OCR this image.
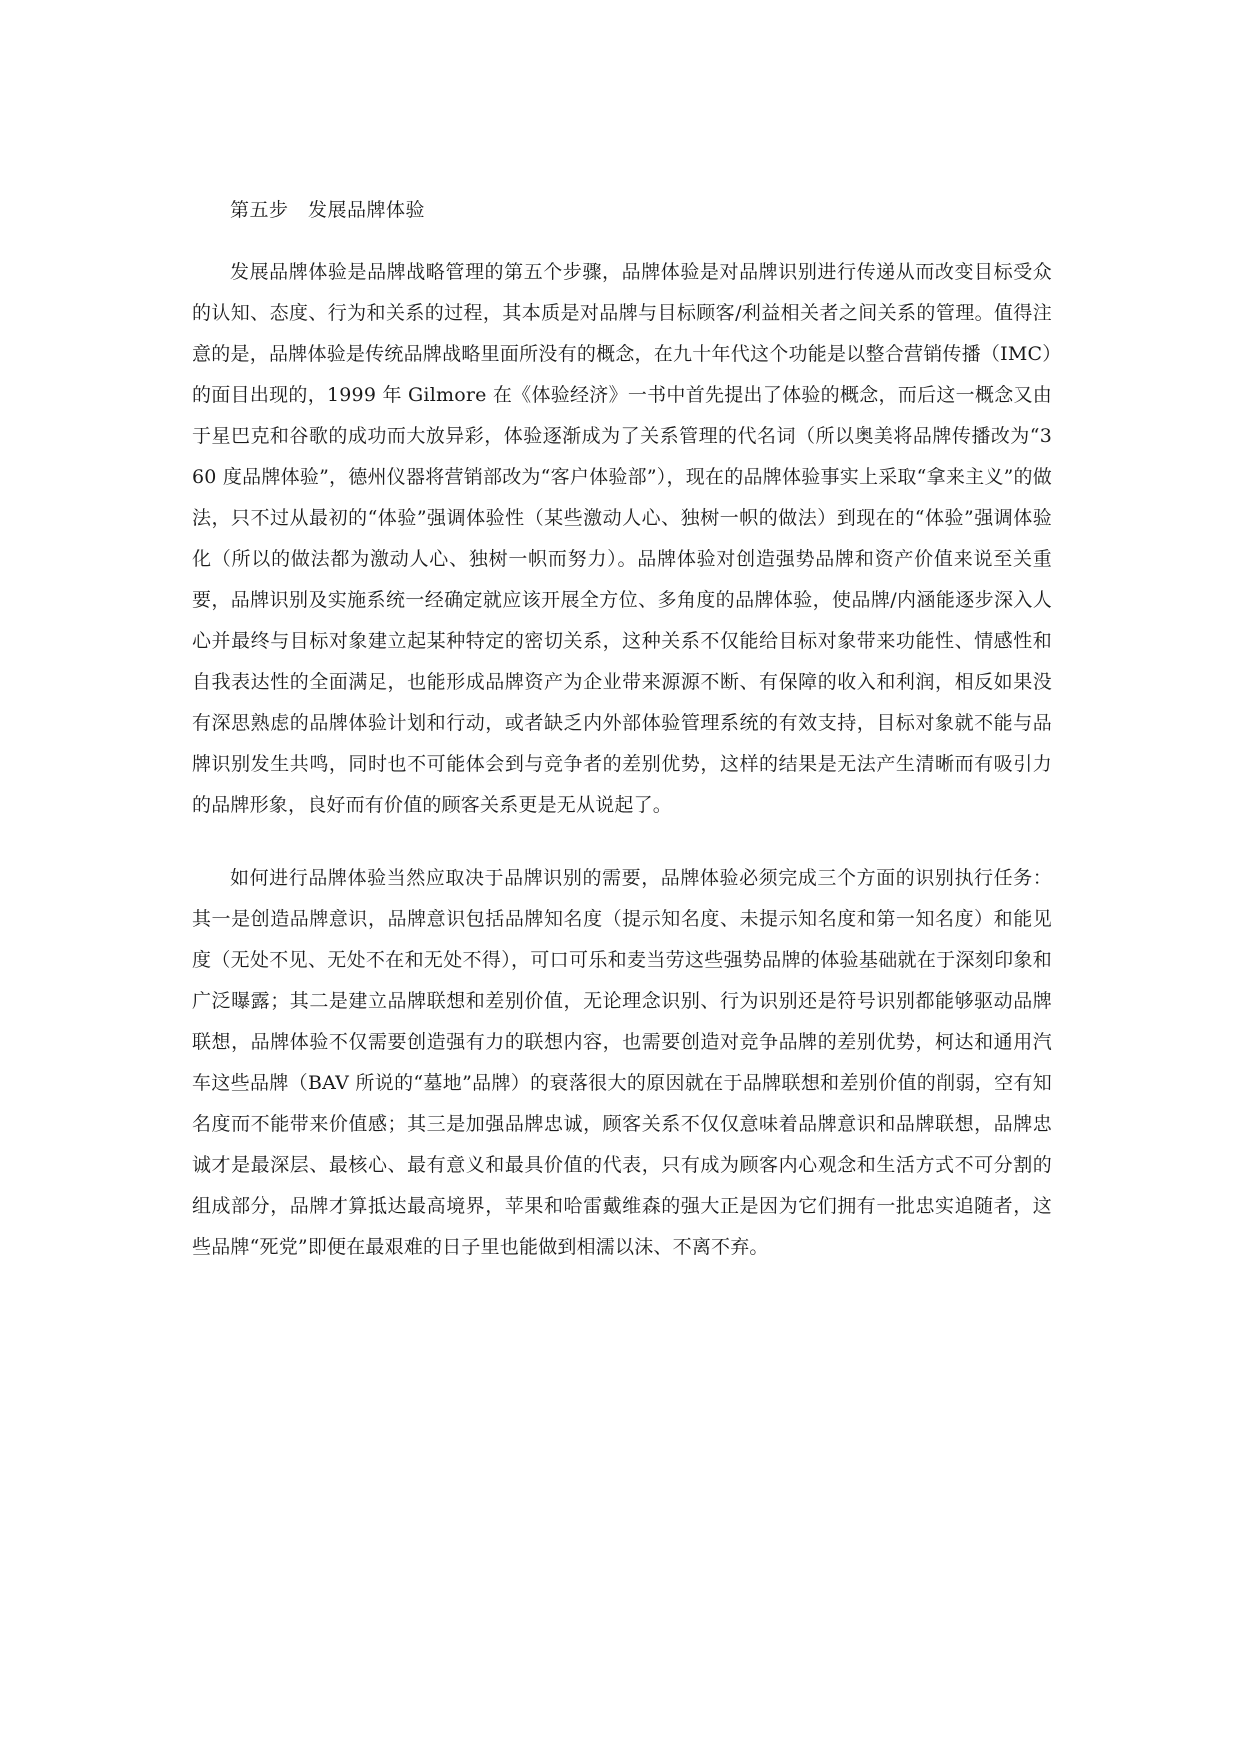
第五步　发展品牌体验

发展品牌体验是品牌战略管理的第五个步骤，品牌体验是对品牌识别进行传递从而改变目标受众的认知、态度、行为和关系的过程，其本质是对品牌与目标顾客/利益相关者之间关系的管理。值得注意的是，品牌体验是传统品牌战略里面所没有的概念，在九十年代这个功能是以整合营销传播（IMC）的面目出现的，1999 年 Gilmore 在《体验经济》一书中首先提出了体验的概念，而后这一概念又由于星巴克和谷歌的成功而大放异彩，体验逐渐成为了关系管理的代名词（所以奥美将品牌传播改为“360 度品牌体验”，德州仪器将营销部改为“客户体验部”），现在的品牌体验事实上采取“拿来主义”的做法，只不过从最初的“体验”强调体验性（某些激动人心、独树一帜的做法）到现在的“体验”强调体验化（所以的做法都为激动人心、独树一帜而努力）。品牌体验对创造强势品牌和资产价值来说至关重要，品牌识别及实施系统一经确定就应该开展全方位、多角度的品牌体验，使品牌/内涵能逐步深入人心并最终与目标对象建立起某种特定的密切关系，这种关系不仅能给目标对象带来功能性、情感性和自我表达性的全面满足，也能形成品牌资产为企业带来源源不断、有保障的收入和利润，相反如果没有深思熟虑的品牌体验计划和行动，或者缺乏内外部体验管理系统的有效支持，目标对象就不能与品牌识别发生共鸣，同时也不可能体会到与竞争者的差别优势，这样的结果是无法产生清晰而有吸引力的品牌形象，良好而有价值的顾客关系更是无从说起了。

如何进行品牌体验当然应取决于品牌识别的需要，品牌体验必须完成三个方面的识别执行任务：其一是创造品牌意识，品牌意识包括品牌知名度（提示知名度、未提示知名度和第一知名度）和能见度（无处不见、无处不在和无处不得），可口可乐和麦当劳这些强势品牌的体验基础就在于深刻印象和广泛曝露；其二是建立品牌联想和差别价值，无论理念识别、行为识别还是符号识别都能够驱动品牌联想，品牌体验不仅需要创造强有力的联想内容，也需要创造对竞争品牌的差别优势，柯达和通用汽车这些品牌（BAV 所说的“墓地”品牌）的衰落很大的原因就在于品牌联想和差别价值的削弱，空有知名度而不能带来价值感；其三是加强品牌忠诚，顾客关系不仅仅意味着品牌意识和品牌联想，品牌忠诚才是最深层、最核心、最有意义和最具价值的代表，只有成为顾客内心观念和生活方式不可分割的组成部分，品牌才算抵达最高境界，苹果和哈雷戴维森的强大正是因为它们拥有一批忠实追随者，这些品牌“死党”即便在最艰难的日子里也能做到相濡以沫、不离不弃。
